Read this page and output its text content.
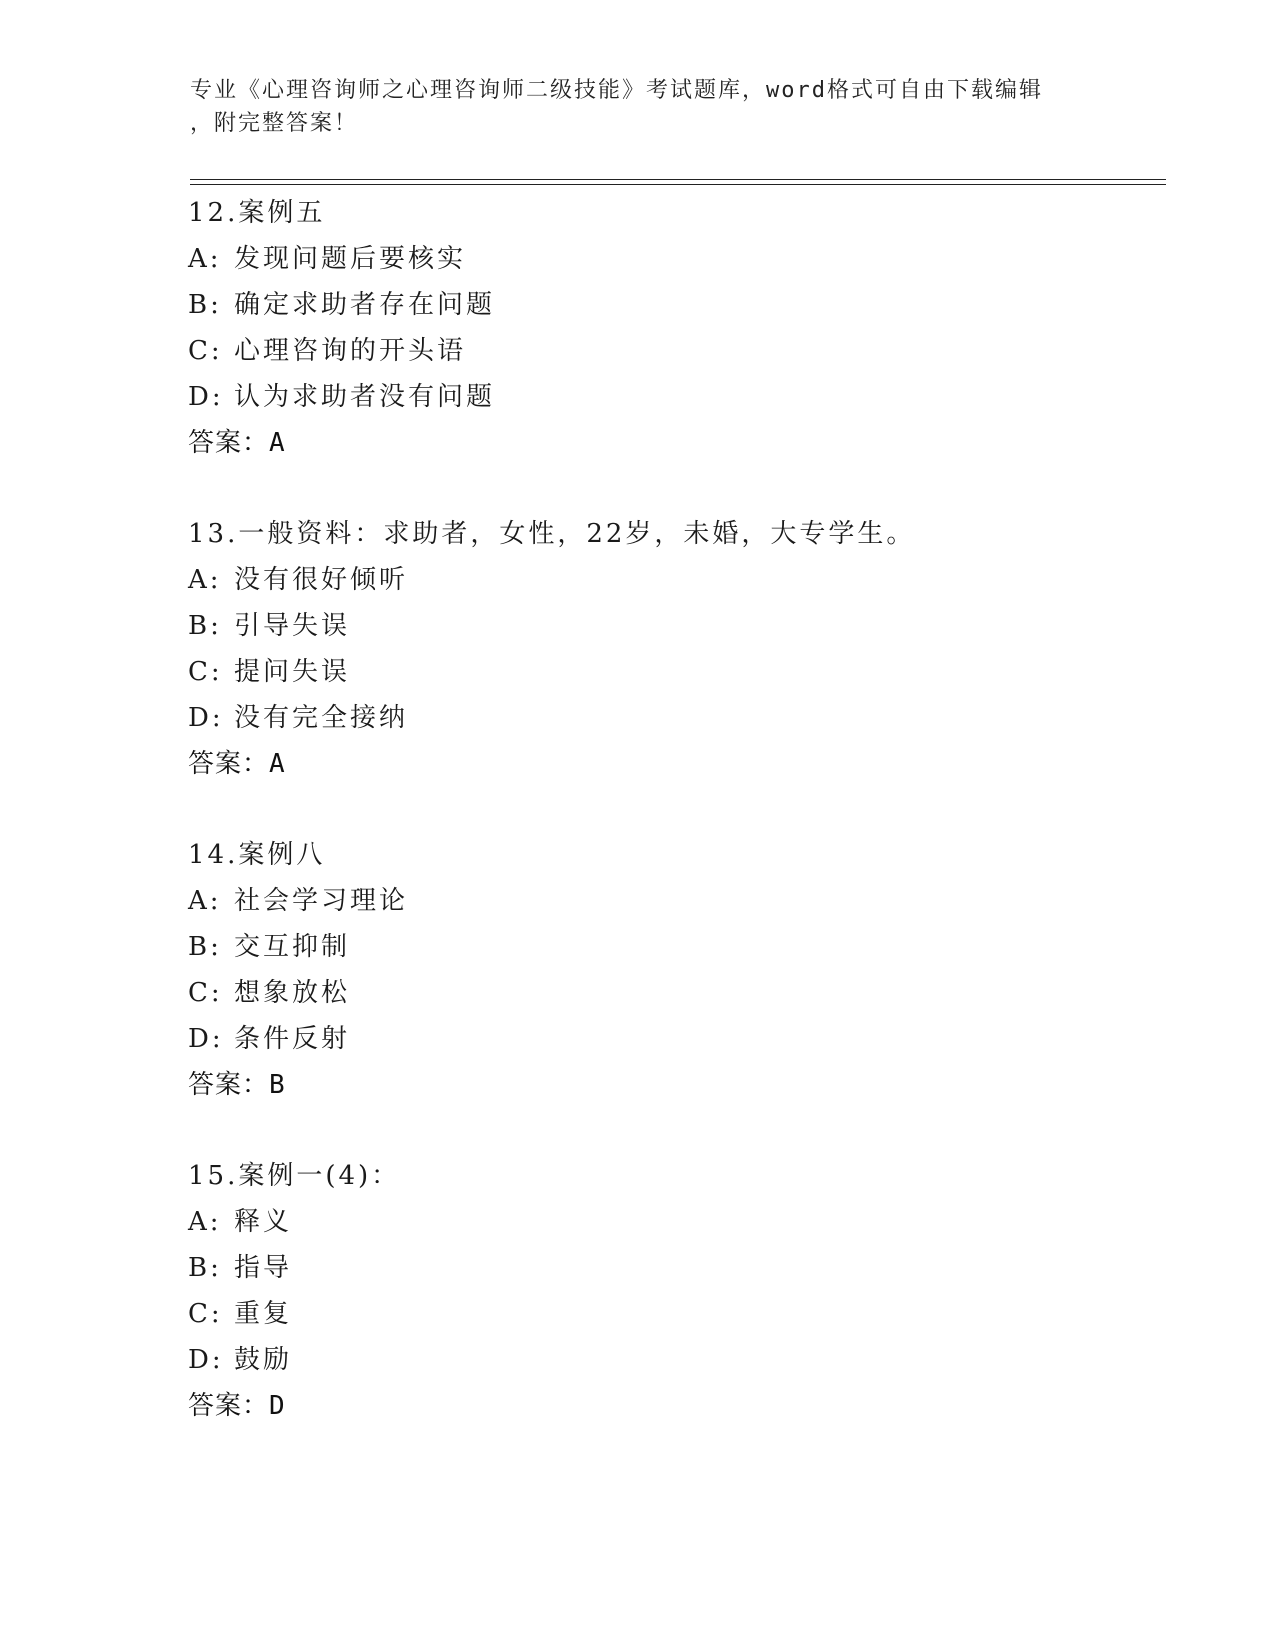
专业《心理咨询师之心理咨询师二级技能》考试题库，word格式可自由下载编辑
，附完整答案！
12.案例五
A: 发现问题后要核实
B: 确定求助者存在问题
C: 心理咨询的开头语
D: 认为求助者没有问题
答案：A
13.一般资料：求助者，女性，22岁，未婚，大专学生。
A: 没有很好倾听
B: 引导失误
C: 提问失误
D: 没有完全接纳
答案：A
14.案例八
A: 社会学习理论
B: 交互抑制
C: 想象放松
D: 条件反射
答案：B
15.案例一(4)：
A: 释义
B: 指导
C: 重复
D: 鼓励
答案：D
